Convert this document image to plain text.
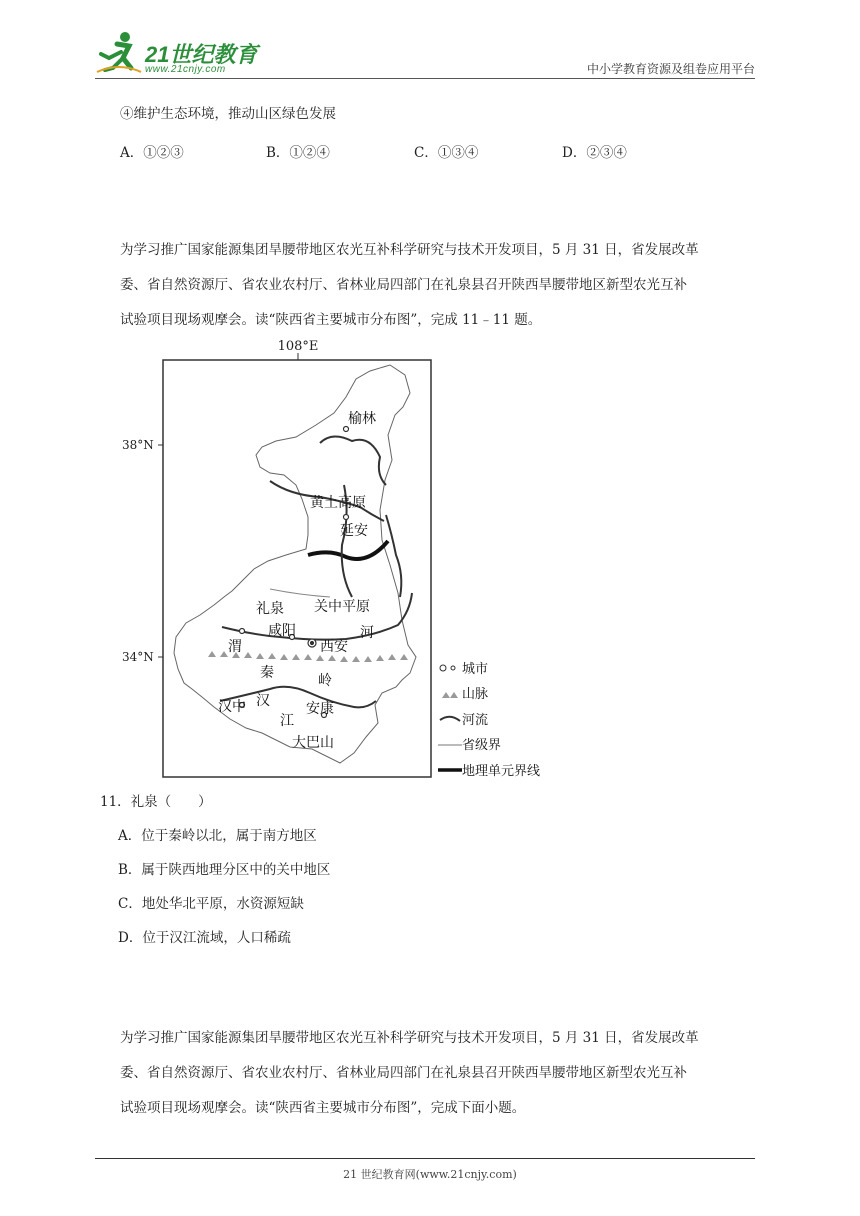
21世纪教育
www.21cnjy.com	中小学教育资源及组卷应用平台
④维护生态环境，推动山区绿色发展
A．①②③	B．①②④	C．①③④	D．②③④
为学习推广国家能源集团旱腰带地区农光互补科学研究与技术开发项目，5 月 31 日，省发展改革
委、省自然资源厅、省农业农村厅、省林业局四部门在礼泉县召开陕西旱腰带地区新型农光互补
试验项目现场观摩会。读“陕西省主要城市分布图”，完成 11﹣11 题。
108°E
38°N
34°N
榆林
黄土高原
延安
关中平原
礼泉
咸阳
西安
渭
河
秦	岭
汉中 汉
江
安康
大巴山
城市
山脉
河流
省级界
地理单元界线
11．礼泉（　　）
A．位于秦岭以北，属于南方地区
B．属于陕西地理分区中的关中地区
C．地处华北平原，水资源短缺
D．位于汉江流域，人口稀疏
为学习推广国家能源集团旱腰带地区农光互补科学研究与技术开发项目，5 月 31 日，省发展改革
委、省自然资源厅、省农业农村厅、省林业局四部门在礼泉县召开陕西旱腰带地区新型农光互补
试验项目现场观摩会。读“陕西省主要城市分布图”，完成下面小题。
21 世纪教育网(www.21cnjy.com)
